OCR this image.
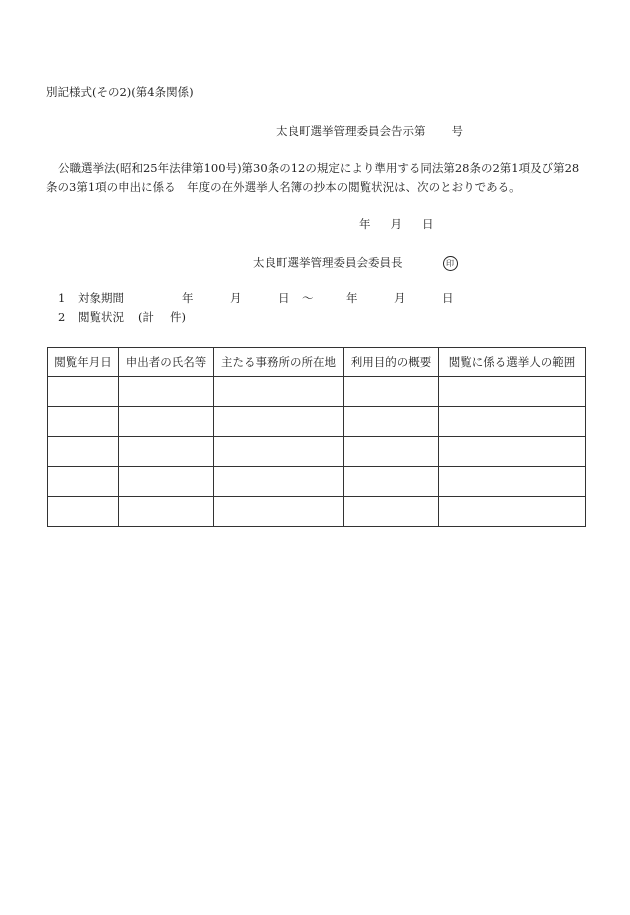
別記様式(その2)(第4条関係)
太良町選挙管理委員会告示第 号
公職選挙法(昭和25年法律第100号)第30条の12の規定により準用する同法第28条の2第1項及び第28
条の3第1項の申出に係る　年度の在外選挙人名簿の抄本の閲覧状況は、次のとおりである。
年 月 日
太良町選挙管理委員会委員長	印
1 対象期間	年	月	日 ～	年	月	日
2 閲覧状況 (計 件)
閲覧年月日	申出者の氏名等	主たる事務所の所在地	利用目的の概要	閲覧に係る選挙人の範囲
